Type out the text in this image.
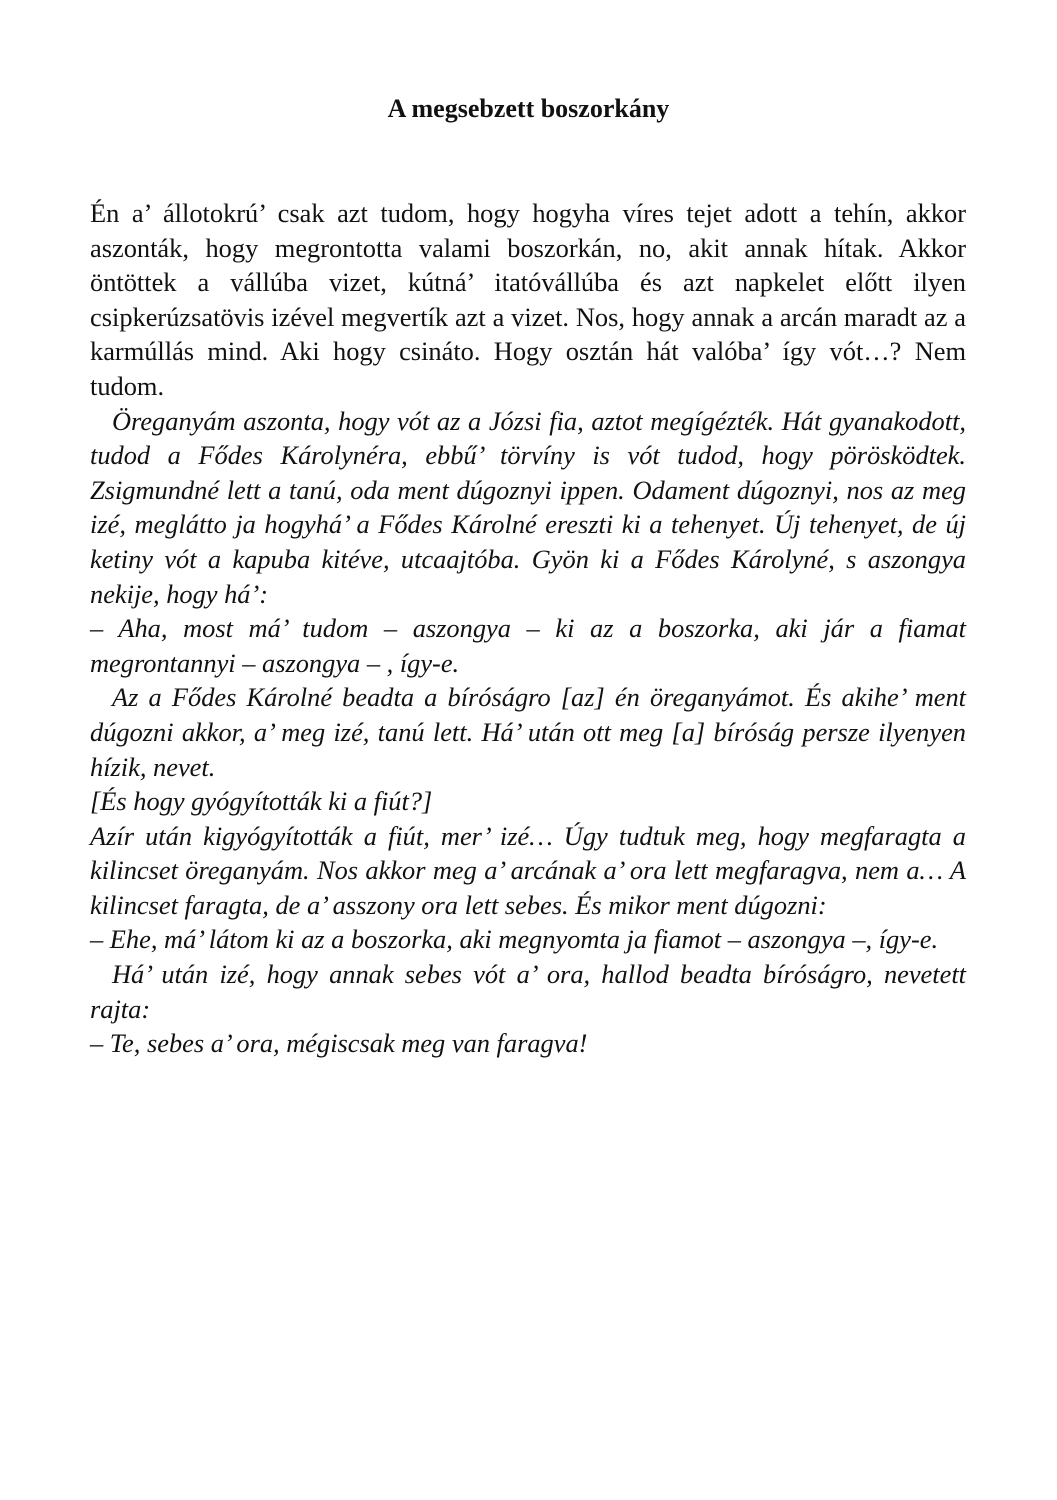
A megsebzett boszorkány

Én a’ állotokrú’ csak azt tudom, hogy hogyha víres tejet adott a tehín, akkor aszonták, hogy megrontotta valami boszorkán, no, akit annak hítak. Akkor öntöttek a vállúba vizet, kútná’ itatóvállúba és azt napkelet előtt ilyen csipkerúzsatövis izével megvertík azt a vizet. Nos, hogy annak a arcán maradt az a karmúllás mind. Aki hogy csináto. Hogy osztán hát valóba’ így vót…? Nem tudom.

Öreganyám aszonta, hogy vót az a Józsi fia, aztot megígézték. Hát gyanakodott, tudod a Fődes Károlynéra, ebbű’ törvíny is vót tudod, hogy pörösködtek. Zsigmundné lett a tanú, oda ment dúgoznyi ippen. Odament dúgoznyi, nos az meg izé, meglátto ja hogyhá’ a Fődes Károlné ereszti ki a tehenyet. Új tehenyet, de új ketiny vót a kapuba kitéve, utcaajtóba. Gyön ki a Fődes Károlyné, s aszongya nekije, hogy há’:

– Aha, most má’ tudom – aszongya – ki az a boszorka, aki jár a fiamat megrontannyi – aszongya – , így-e.

Az a Fődes Károlné beadta a bíróságro [az] én öreganyámot. És akihe’ ment dúgozni akkor, a’ meg izé, tanú lett. Há’ után ott meg [a] bíróság persze ilyenyen hízik, nevet.

[És hogy gyógyították ki a fiút?]

Azír után kigyógyították a fiút, mer’ izé… Úgy tudtuk meg, hogy megfaragta a kilincset öreganyám. Nos akkor meg a’ arcának a’ ora lett megfaragva, nem a… A kilincset faragta, de a’ asszony ora lett sebes. És mikor ment dúgozni:

– Ehe, má’ látom ki az a boszorka, aki megnyomta ja fiamot – aszongya –, így-e.

Há’ után izé, hogy annak sebes vót a’ ora, hallod beadta bíróságro, nevetett rajta:

– Te, sebes a’ ora, mégiscsak meg van faragva!
